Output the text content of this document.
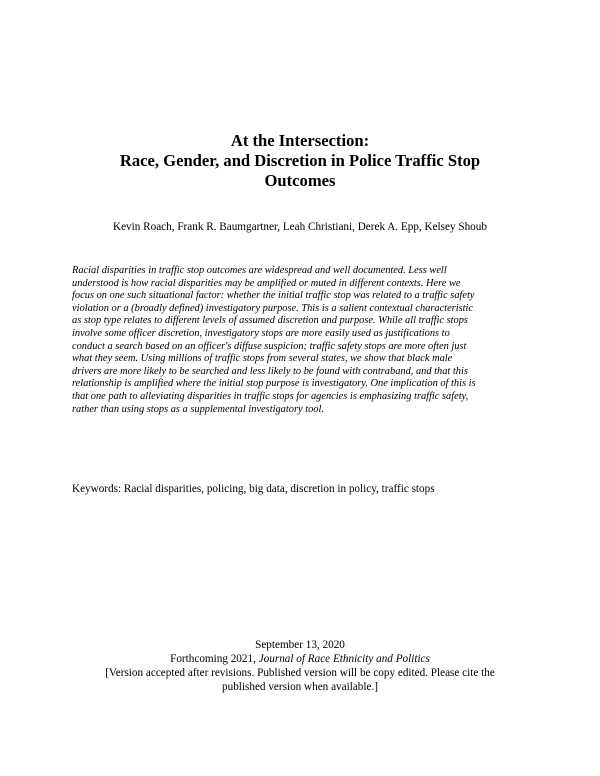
At the Intersection:
Race, Gender, and Discretion in Police Traffic Stop
Outcomes
Kevin Roach, Frank R. Baumgartner, Leah Christiani, Derek A. Epp, Kelsey Shoub
Racial disparities in traffic stop outcomes are widespread and well documented. Less well
understood is how racial disparities may be amplified or muted in different contexts. Here we
focus on one such situational factor: whether the initial traffic stop was related to a traffic safety
violation or a (broadly defined) investigatory purpose. This is a salient contextual characteristic
as stop type relates to different levels of assumed discretion and purpose. While all traffic stops
involve some officer discretion, investigatory stops are more easily used as justifications to
conduct a search based on an officer's diffuse suspicion; traffic safety stops are more often just
what they seem. Using millions of traffic stops from several states, we show that black male
drivers are more likely to be searched and less likely to be found with contraband, and that this
relationship is amplified where the initial stop purpose is investigatory. One implication of this is
that one path to alleviating disparities in traffic stops for agencies is emphasizing traffic safety,
rather than using stops as a supplemental investigatory tool.
Keywords: Racial disparities, policing, big data, discretion in policy, traffic stops
September 13, 2020
Forthcoming 2021, Journal of Race Ethnicity and Politics
[Version accepted after revisions. Published version will be copy edited. Please cite the
published version when available.]
